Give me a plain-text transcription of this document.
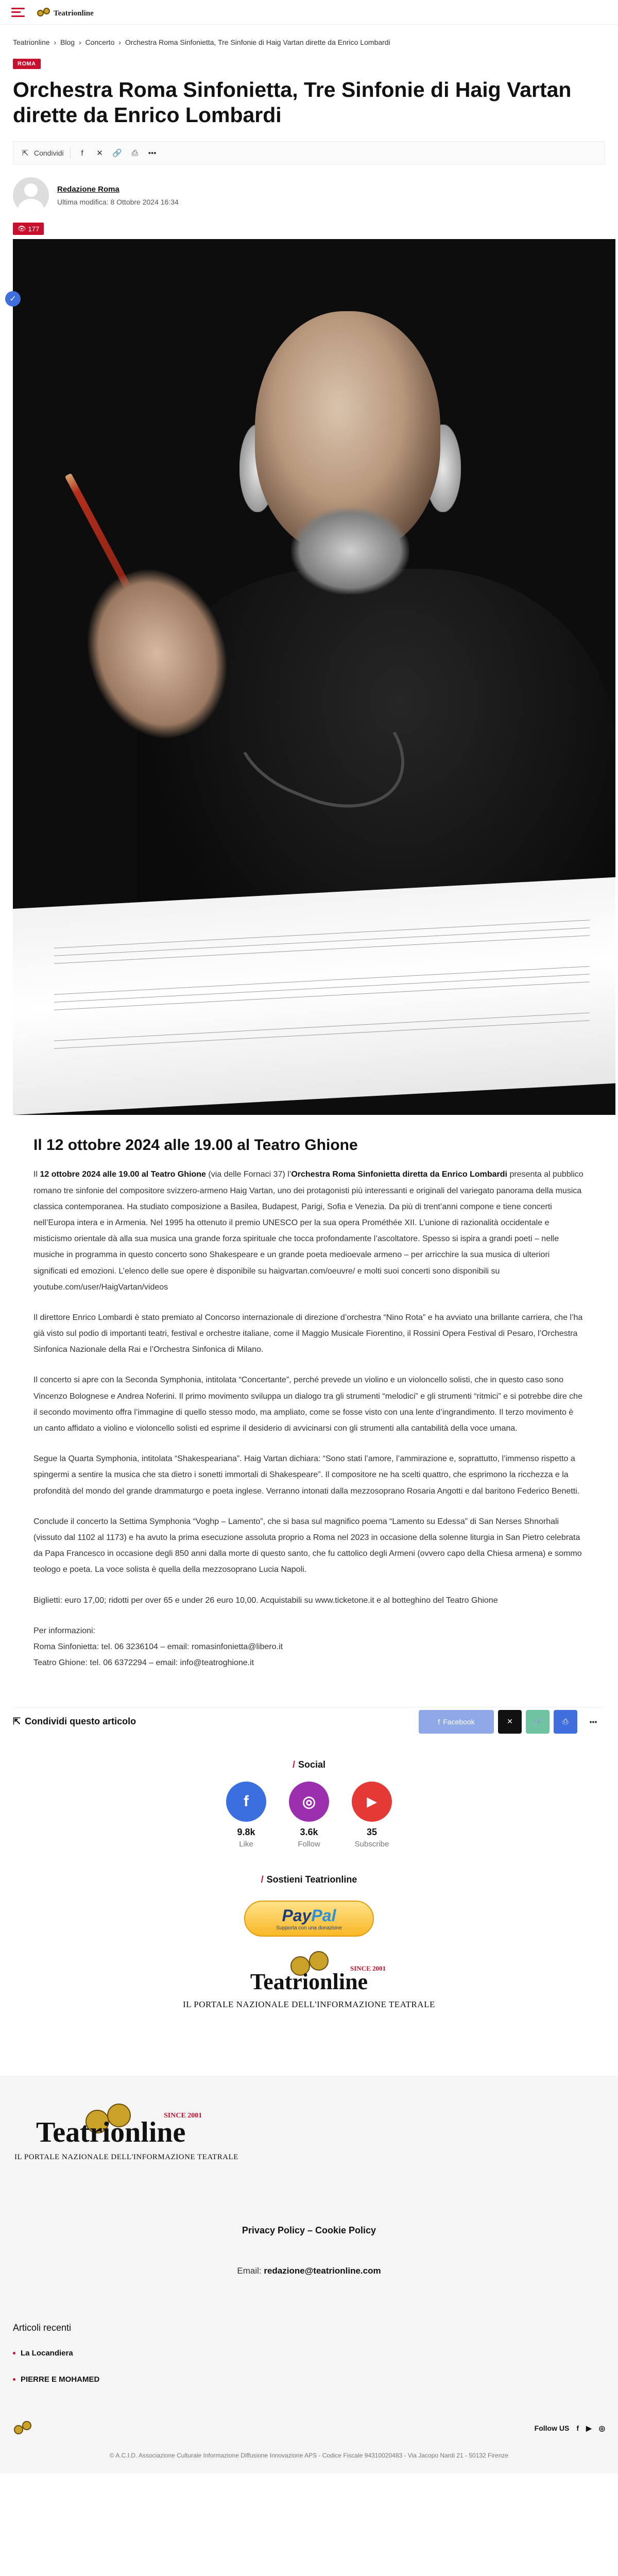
Teatrionline
Teatrionline › Blog › Concerto › Orchestra Roma Sinfonietta, Tre Sinfonie di Haig Vartan dirette da Enrico Lombardi
ROMA
Orchestra Roma Sinfonietta, Tre Sinfonie di Haig Vartan dirette da Enrico Lombardi
⇱ Condividi	f	✕	🔗	⎙	•••
Redazione Roma
Ultima modifica: 8 Ottobre 2024 16:34
👁 177
✓
Il 12 ottobre 2024 alle 19.00 al Teatro Ghione

Il 12 ottobre 2024 alle 19.00 al Teatro Ghione (via delle Fornaci 37) l’Orchestra Roma Sinfonietta diretta da Enrico Lombardi presenta al pubblico romano tre sinfonie del compositore svizzero-armeno Haig Vartan, uno dei protagonisti più interessanti e originali del variegato panorama della musica classica contemporanea. Ha studiato composizione a Basilea, Budapest, Parigi, Sofia e Venezia. Da più di trent’anni compone e tiene concerti nell’Europa intera e in Armenia. Nel 1995 ha ottenuto il premio UNESCO per la sua opera Prométhée XII. L’unione di razionalità occidentale e misticismo orientale dà alla sua musica una grande forza spirituale che tocca profondamente l’ascoltatore. Spesso si ispira a grandi poeti – nelle musiche in programma in questo concerto sono Shakespeare e un grande poeta medioevale armeno – per arricchire la sua musica di ulteriori significati ed emozioni. L’elenco delle sue opere è disponibile su haigvartan.com/oeuvre/ e molti suoi concerti sono disponibili su youtube.com/user/HaigVartan/videos

Il direttore Enrico Lombardi è stato premiato al Concorso internazionale di direzione d’orchestra “Nino Rota” e ha avviato una brillante carriera, che l’ha già visto sul podio di importanti teatri, festival e orchestre italiane, come il Maggio Musicale Fiorentino, il Rossini Opera Festival di Pesaro, l’Orchestra Sinfonica Nazionale della Rai e l’Orchestra Sinfonica di Milano.

Il concerto si apre con la Seconda Symphonia, intitolata “Concertante”, perché prevede un violino e un violoncello solisti, che in questo caso sono Vincenzo Bolognese e Andrea Noferini. Il primo movimento sviluppa un dialogo tra gli strumenti “melodici” e gli strumenti “ritmici” e si potrebbe dire che il secondo movimento offra l’immagine di quello stesso modo, ma ampliato, come se fosse visto con una lente d’ingrandimento. Il terzo movimento è un canto affidato a violino e violoncello solisti ed esprime il desiderio di avvicinarsi con gli strumenti alla cantabilità della voce umana.

Segue la Quarta Symphonia, intitolata “Shakespeariana”. Haig Vartan dichiara: “Sono stati l’amore, l’ammirazione e, soprattutto, l’immenso rispetto a spingermi a sentire la musica che sta dietro i sonetti immortali di Shakespeare”. Il compositore ne ha scelti quattro, che esprimono la ricchezza e la profondità del mondo del grande drammaturgo e poeta inglese. Verranno intonati dalla mezzosoprano Rosaria Angotti e dal baritono Federico Benetti.

Conclude il concerto la Settima Symphonia “Voghp – Lamento”, che si basa sul magnifico poema “Lamento su Edessa” di San Nerses Shnorhali (vissuto dal 1102 al 1173) e ha avuto la prima esecuzione assoluta proprio a Roma nel 2023 in occasione della solenne liturgia in San Pietro celebrata da Papa Francesco in occasione degli 850 anni dalla morte di questo santo, che fu cattolico degli Armeni (ovvero capo della Chiesa armena) e sommo teologo e poeta. La voce solista è quella della mezzosoprano Lucia Napoli.

Biglietti: euro 17,00; ridotti per over 65 e under 26 euro 10,00. Acquistabili su www.ticketone.it e al botteghino del Teatro Ghione

Per informazioni:
Roma Sinfonietta: tel. 06 3236104 – email: romasinfonietta@libero.it
Teatro Ghione: tel. 06 6372294 – email: info@teatroghione.it

⇱ Condividi questo articolo	f Facebook	✕	🔗	⎙	•••
/ Social
f
9.8k
Like
◎
3.6k
Follow
▶
35
Subscribe
/ Sostieni Teatrionline
PayPal
Supporta con una donazione
SINCE 2001
Teatrionline
IL PORTALE NAZIONALE DELL'INFORMAZIONE TEATRALE
SINCE 2001
Teatrionline
IL PORTALE NAZIONALE DELL'INFORMAZIONE TEATRALE
Privacy Policy – Cookie Policy
Email: redazione@teatrionline.com
Articoli recenti
La Locandiera
PIERRE E MOHAMED
Follow US f ▶ ◎
© A.C.I.D. Associazione Culturale Informazione Diffusione Innovazione APS - Codice Fiscale 94310020483 - Via Jacopo Nardi 21 - 50132 Firenze
